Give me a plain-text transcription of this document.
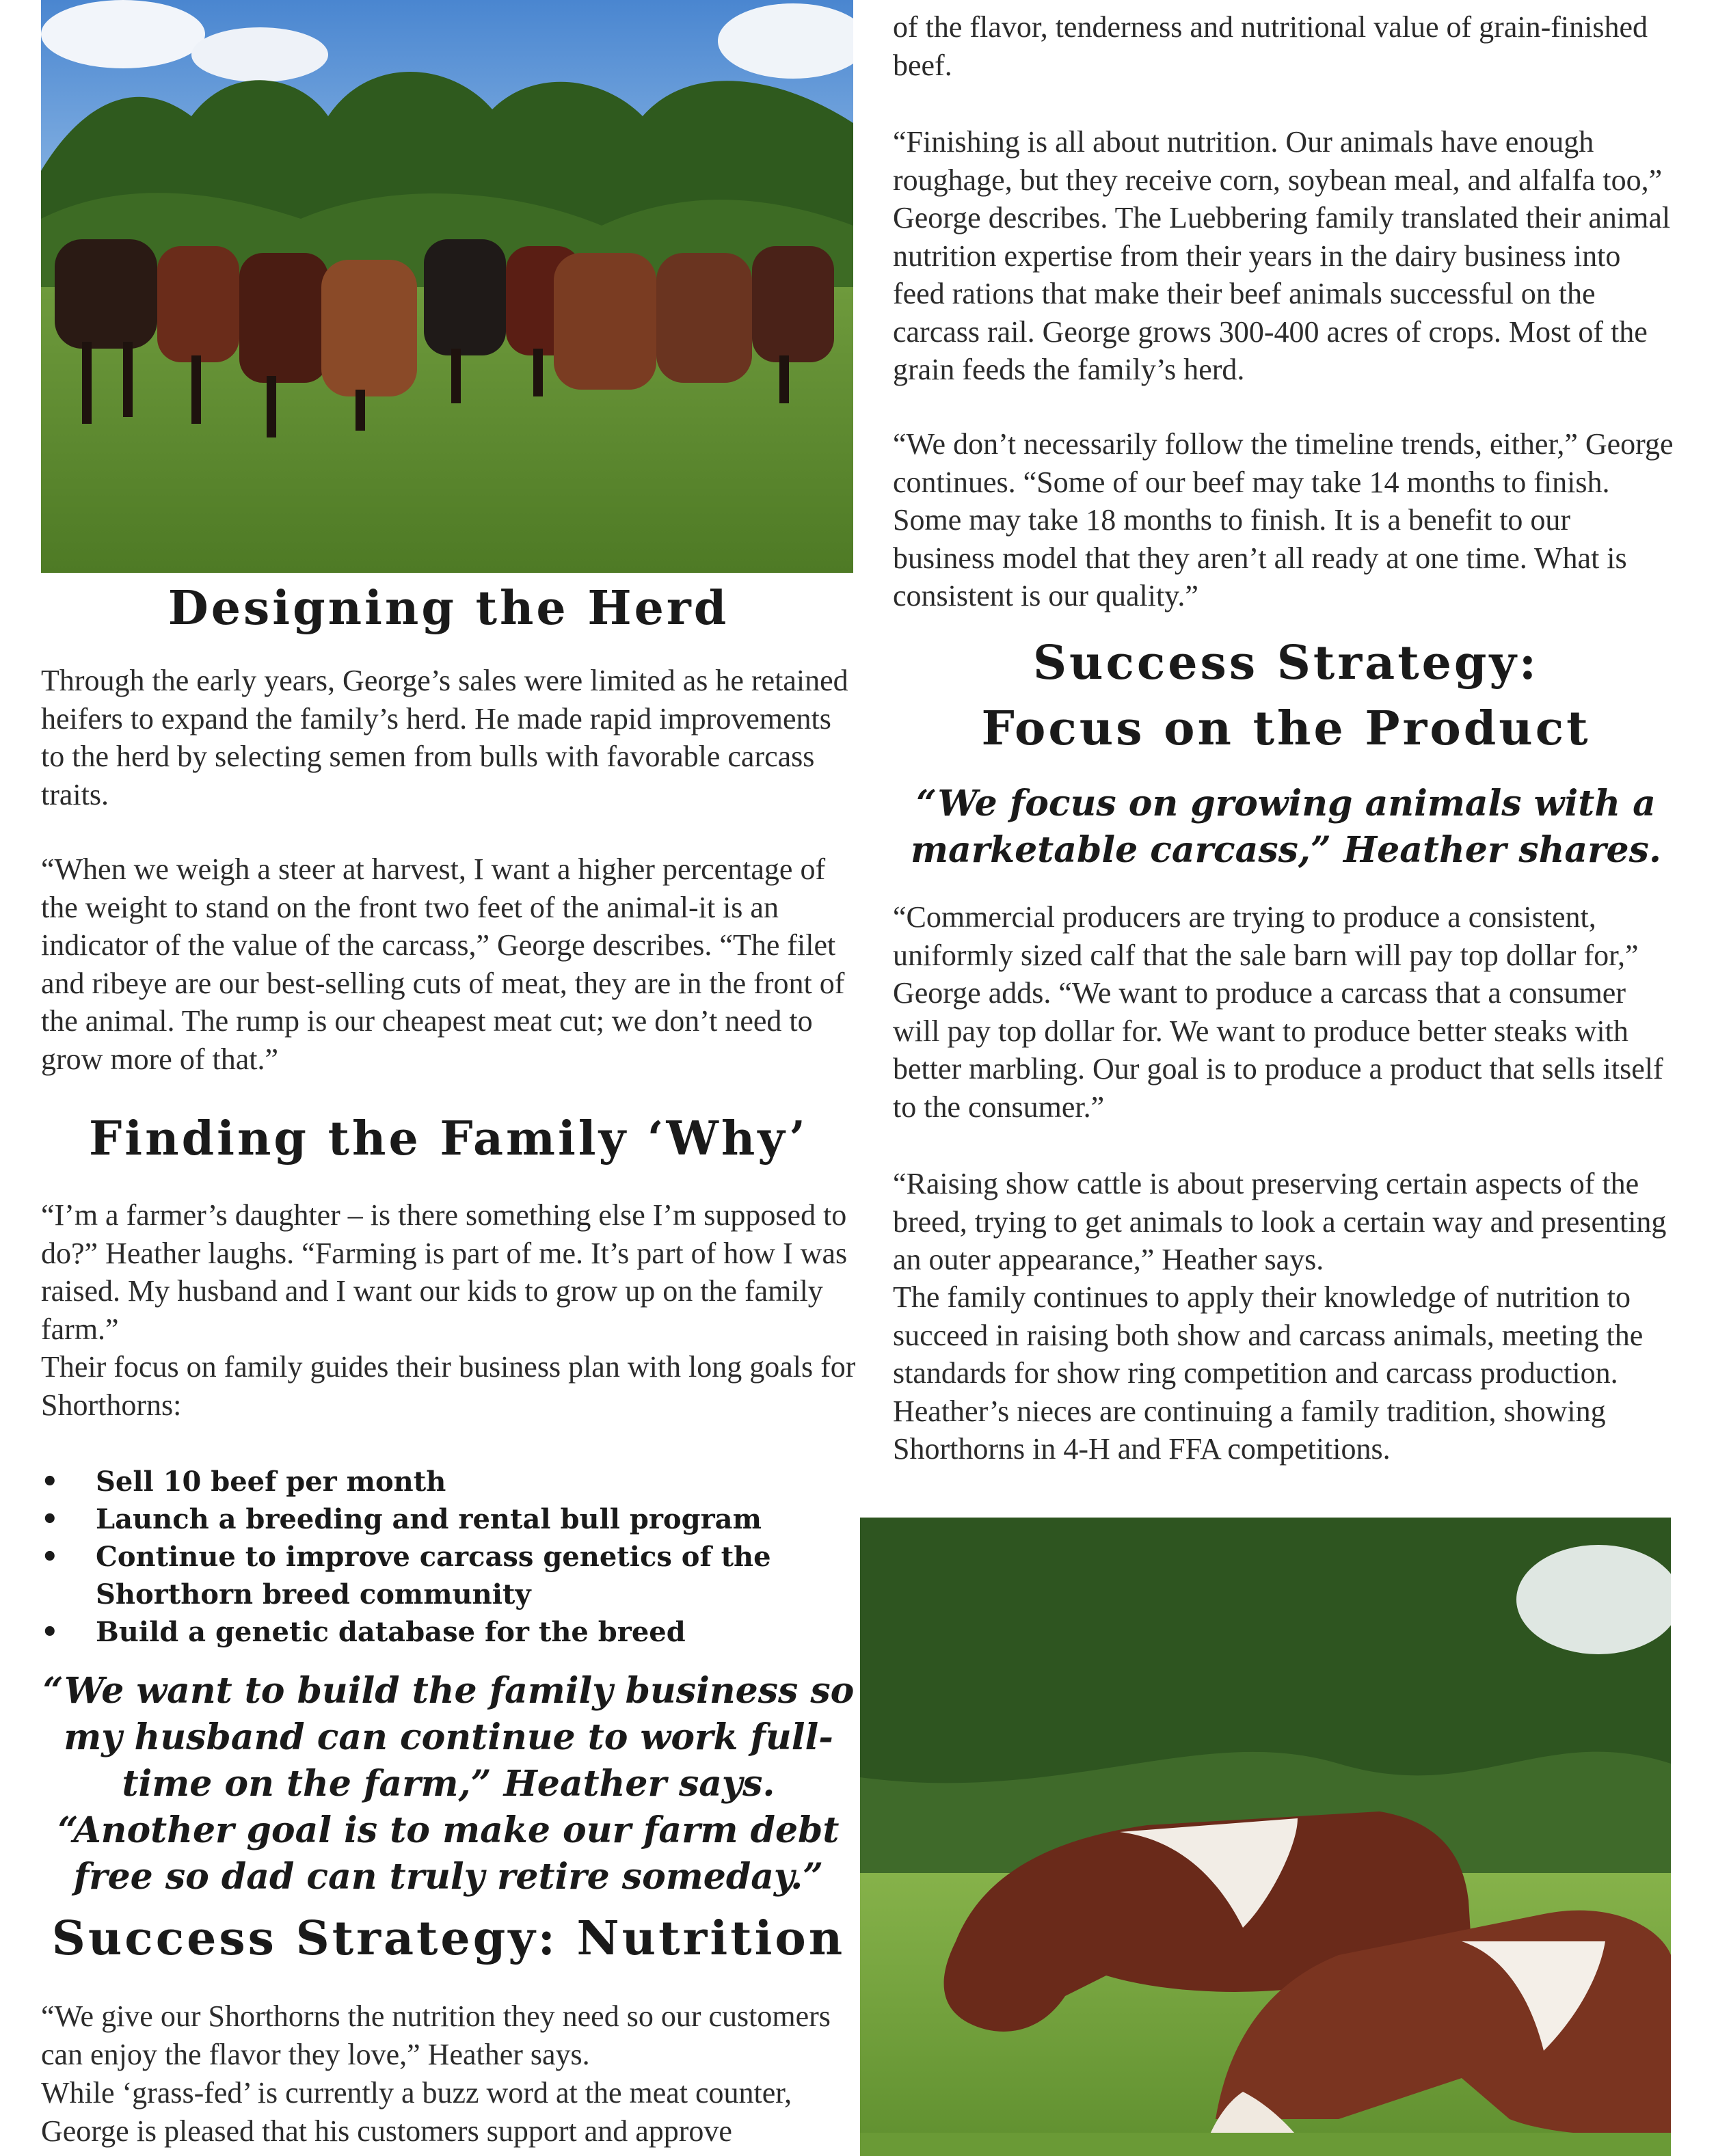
Designing the Herd

Through the early years, George’s sales were limited as he retained heifers to expand the family’s herd. He made rapid improvements to the herd by selecting semen from bulls with favorable carcass traits.

“When we weigh a steer at harvest, I want a higher percentage of the weight to stand on the front two feet of the animal-it is an indicator of the value of the carcass,” George describes. “The filet and ribeye are our best-selling cuts of meat, they are in the front of the animal. The rump is our cheapest meat cut; we don’t need to grow more of that.”

Finding the Family ‘Why’

“I’m a farmer’s daughter – is there something else I’m supposed to do?” Heather laughs. “Farming is part of me. It’s part of how I was raised. My husband and I want our kids to grow up on the family farm.”

Their focus on family guides their business plan with long goals for Shorthorns:

• Sell 10 beef per month
• Launch a breeding and rental bull program
• Continue to improve carcass genetics of the Shorthorn breed community
• Build a genetic database for the breed

“We want to build the family business so my husband can continue to work full-time on the farm,” Heather says. “Another goal is to make our farm debt free so dad can truly retire someday.”

Success Strategy: Nutrition

“We give our Shorthorns the nutrition they need so our customers can enjoy the flavor they love,” Heather says.

While ‘grass-fed’ is currently a buzz word at the meat counter, George is pleased that his customers support and approve

of the flavor, tenderness and nutritional value of grain-finished beef.

“Finishing is all about nutrition. Our animals have enough roughage, but they receive corn, soybean meal, and alfalfa too,” George describes. The Luebbering family translated their animal nutrition expertise from their years in the dairy business into feed rations that make their beef animals successful on the carcass rail. George grows 300-400 acres of crops. Most of the grain feeds the family’s herd.

“We don’t necessarily follow the timeline trends, either,” George continues. “Some of our beef may take 14 months to finish. Some may take 18 months to finish. It is a benefit to our business model that they aren’t all ready at one time. What is consistent is our quality.”

Success Strategy:
Focus on the Product

“We focus on growing animals with a marketable carcass,” Heather shares.

“Commercial producers are trying to produce a consistent, uniformly sized calf that the sale barn will pay top dollar for,” George adds. “We want to produce a carcass that a consumer will pay top dollar for. We want to produce better steaks with better marbling. Our goal is to produce a product that sells itself to the consumer.”

“Raising show cattle is about preserving certain aspects of the breed, trying to get animals to look a certain way and presenting an outer appearance,” Heather says.

The family continues to apply their knowledge of nutrition to succeed in raising both show and carcass animals, meeting the standards for show ring competition and carcass production. Heather’s nieces are continuing a family tradition, showing Shorthorns in 4-H and FFA competitions.
